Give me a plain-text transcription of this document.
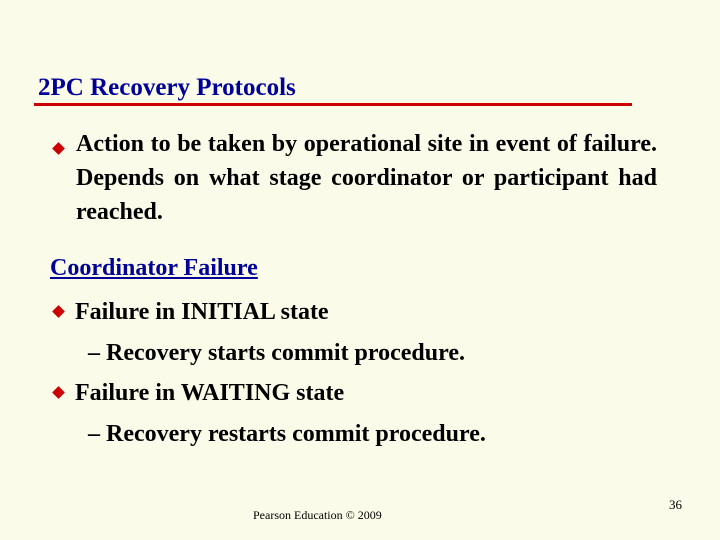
2PC Recovery Protocols
Action to be taken by operational site in event of failure. Depends on what stage coordinator or participant had reached.
Coordinator Failure
Failure in INITIAL state
– Recovery starts commit procedure.
Failure in WAITING state
– Recovery restarts commit procedure.
Pearson Education © 2009
36
